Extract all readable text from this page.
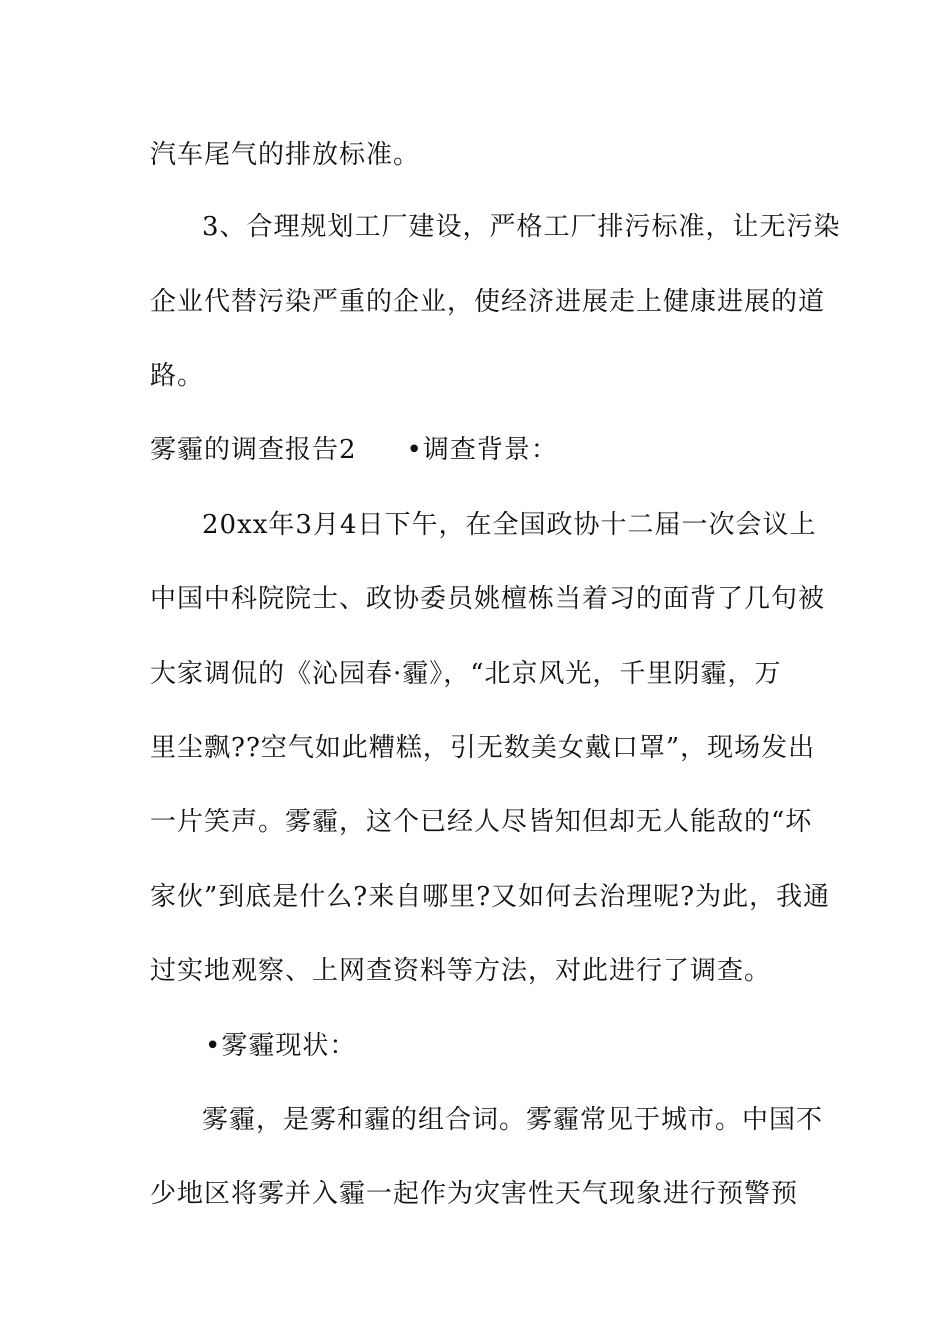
汽车尾气的排放标准。
3、合理规划工厂建设，严格工厂排污标准，让无污染
企业代替污染严重的企业，使经济进展走上健康进展的道
路。
雾霾的调查报告2 •调查背景：
20xx年3月4日下午，在全国政协十二届一次会议上
中国中科院院士、政协委员姚檀栋当着习的面背了几句被
大家调侃的《沁园春·霾》，“北京风光，千里阴霾，万
里尘飘??空气如此糟糕，引无数美女戴口罩”，现场发出
一片笑声。雾霾，这个已经人尽皆知但却无人能敌的“坏
家伙”到底是什么?来自哪里?又如何去治理呢?为此，我通
过实地观察、上网查资料等方法，对此进行了调查。
•雾霾现状：
雾霾，是雾和霾的组合词。雾霾常见于城市。中国不
少地区将雾并入霾一起作为灾害性天气现象进行预警预
